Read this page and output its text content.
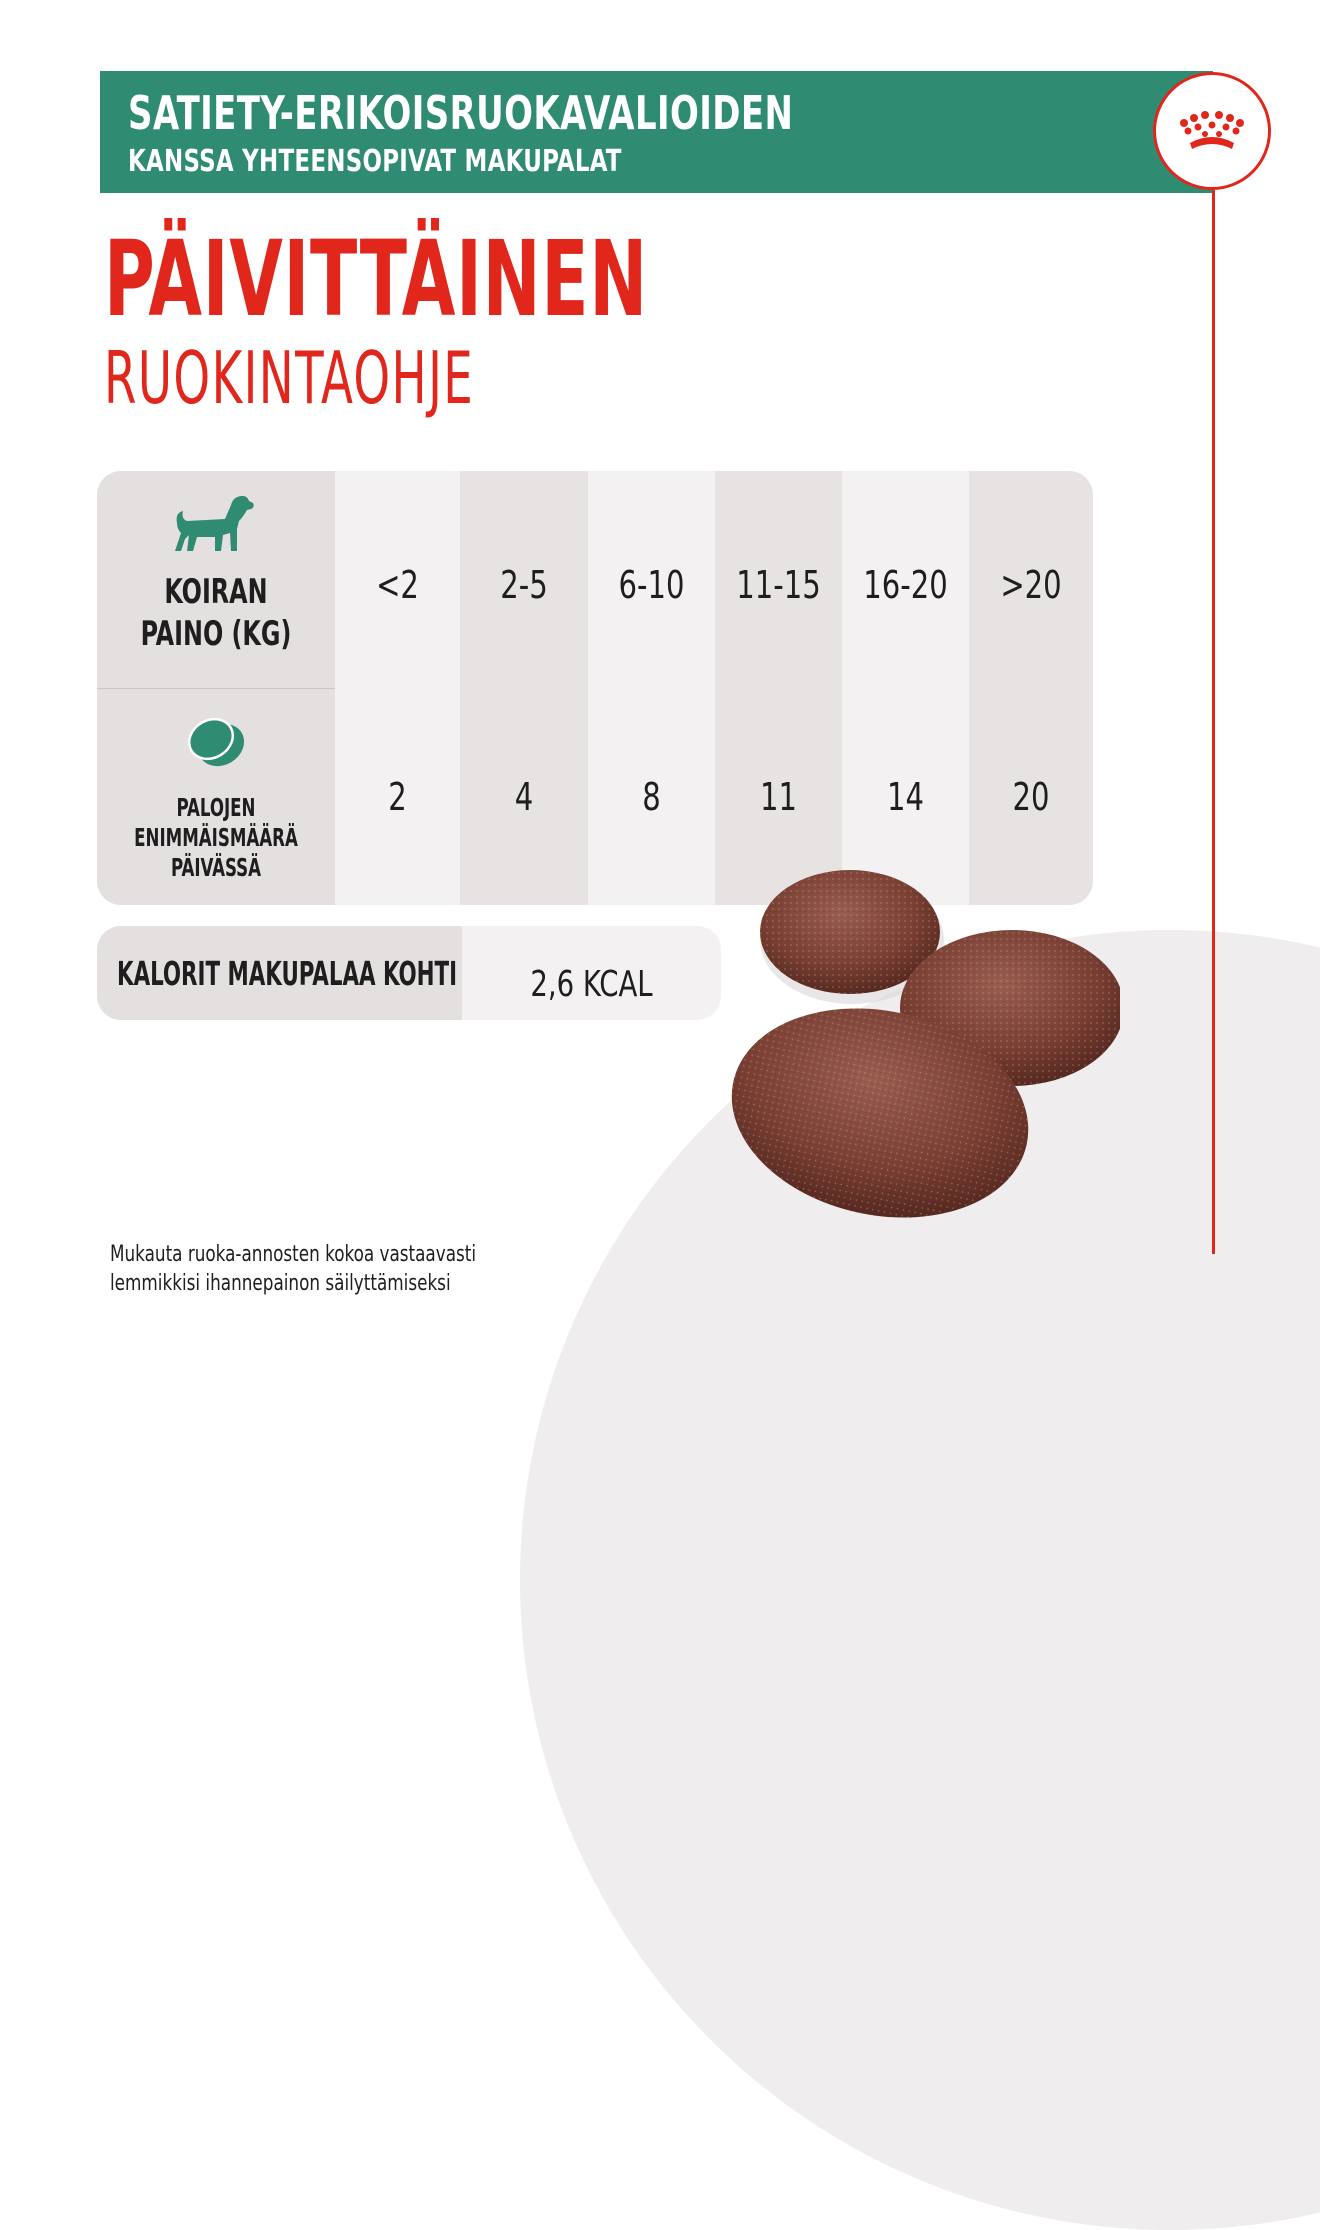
SATIETY-ERIKOISRUOKAVALIOIDEN
KANSSA YHTEENSOPIVAT MAKUPALAT
PÄIVITTÄINEN
RUOKINTAOHJE
KOIRAN
PAINO (KG)
PALOJEN
ENIMMÄISMÄÄRÄ
PÄIVÄSSÄ
<2
2
2-5
4
6-10
8
11-15
11
16-20
14
>20
20
KALORIT MAKUPALAA KOHTI	2,6 KCAL
Mukauta ruoka-annosten kokoa vastaavasti
lemmikkisi ihannepainon säilyttämiseksi
